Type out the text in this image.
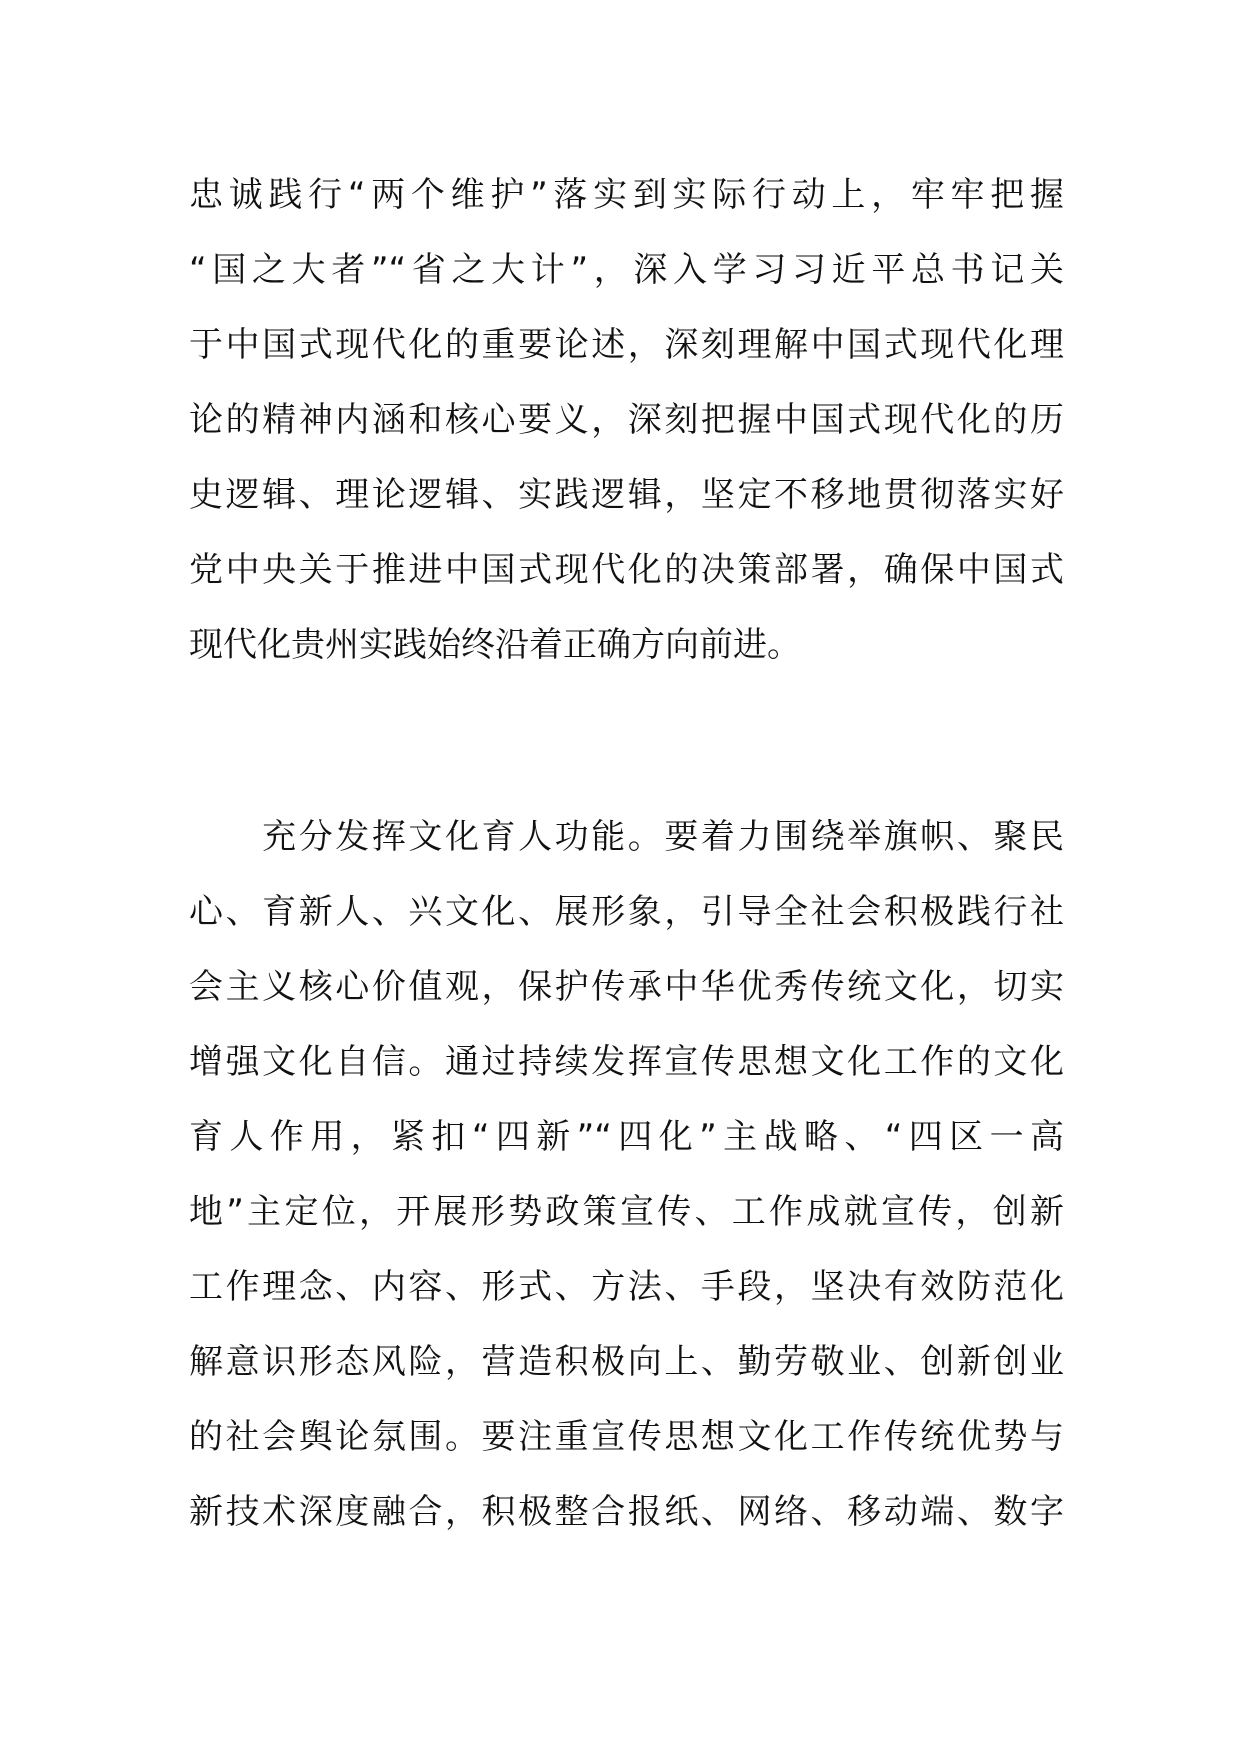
忠诚践行“两个维护”落实到实际行动上，牢牢把握
“国之大者”“省之大计”，深入学习习近平总书记关
于中国式现代化的重要论述，深刻理解中国式现代化理
论的精神内涵和核心要义，深刻把握中国式现代化的历
史逻辑、理论逻辑、实践逻辑，坚定不移地贯彻落实好
党中央关于推进中国式现代化的决策部署，确保中国式
现代化贵州实践始终沿着正确方向前进。
　　充分发挥文化育人功能。要着力围绕举旗帜、聚民
心、育新人、兴文化、展形象，引导全社会积极践行社
会主义核心价值观，保护传承中华优秀传统文化，切实
增强文化自信。通过持续发挥宣传思想文化工作的文化
育人作用，紧扣“四新”“四化”主战略、“四区一高
地”主定位，开展形势政策宣传、工作成就宣传，创新
工作理念、内容、形式、方法、手段，坚决有效防范化
解意识形态风险，营造积极向上、勤劳敬业、创新创业
的社会舆论氛围。要注重宣传思想文化工作传统优势与
新技术深度融合，积极整合报纸、网络、移动端、数字
